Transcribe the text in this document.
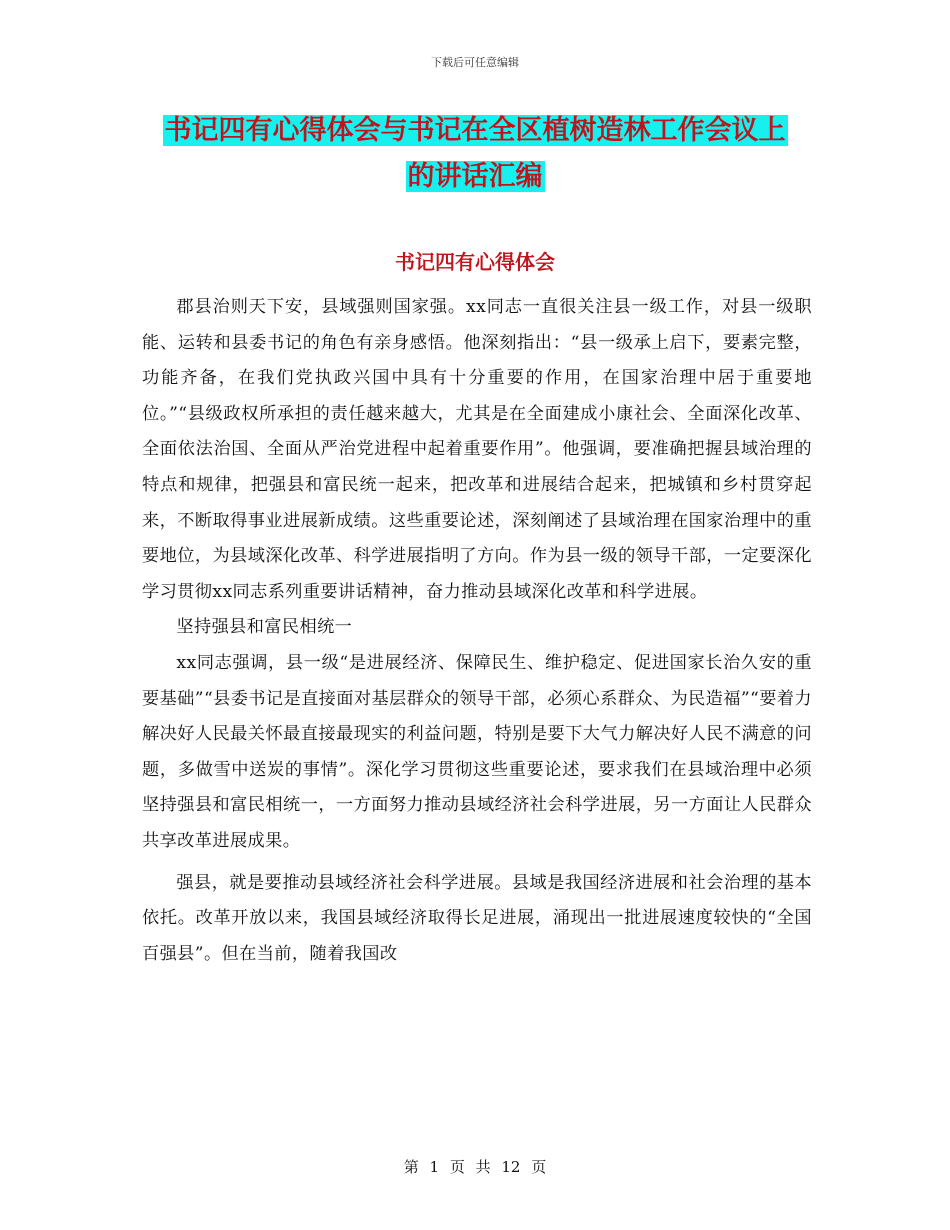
下载后可任意编辑
书记四有心得体会与书记在全区植树造林工作会议上
的讲话汇编
书记四有心得体会

郡县治则天下安，县域强则国家强。xx同志一直很关注县一级工作，对县一级职能、运转和县委书记的角色有亲身感悟。他深刻指出：“县一级承上启下，要素完整，功能齐备，在我们党执政兴国中具有十分重要的作用，在国家治理中居于重要地位。”“县级政权所承担的责任越来越大，尤其是在全面建成小康社会、全面深化改革、全面依法治国、全面从严治党进程中起着重要作用”。他强调，要准确把握县域治理的特点和规律，把强县和富民统一起来，把改革和进展结合起来，把城镇和乡村贯穿起来，不断取得事业进展新成绩。这些重要论述，深刻阐述了县域治理在国家治理中的重要地位，为县域深化改革、科学进展指明了方向。作为县一级的领导干部，一定要深化学习贯彻xx同志系列重要讲话精神，奋力推动县域深化改革和科学进展。

坚持强县和富民相统一

xx同志强调，县一级“是进展经济、保障民生、维护稳定、促进国家长治久安的重要基础”“县委书记是直接面对基层群众的领导干部，必须心系群众、为民造福”“要着力解决好人民最关怀最直接最现实的利益问题，特别是要下大气力解决好人民不满意的问题，多做雪中送炭的事情”。深化学习贯彻这些重要论述，要求我们在县域治理中必须坚持强县和富民相统一，一方面努力推动县域经济社会科学进展，另一方面让人民群众共享改革进展成果。

强县，就是要推动县域经济社会科学进展。县域是我国经济进展和社会治理的基本依托。改革开放以来，我国县域经济取得长足进展，涌现出一批进展速度较快的“全国百强县”。但在当前，随着我国改

第 1 页 共 12 页
